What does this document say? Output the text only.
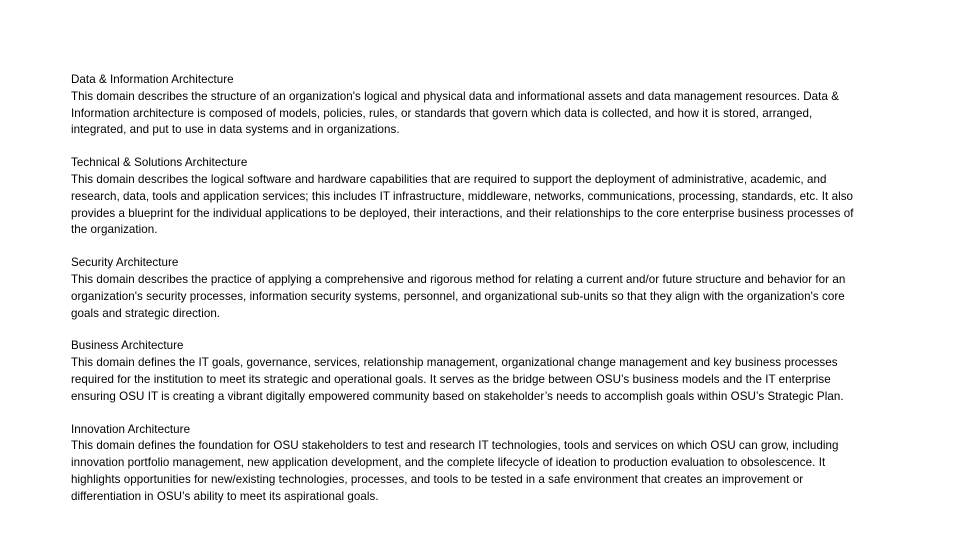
Data & Information Architecture

This domain describes the structure of an organization's logical and physical data and informational assets and data management resources. Data & Information architecture is composed of models, policies, rules, or standards that govern which data is collected, and how it is stored, arranged, integrated, and put to use in data systems and in organizations.

Technical & Solutions Architecture

This domain describes the logical software and hardware capabilities that are required to support the deployment of administrative, academic, and research, data, tools and application services; this includes IT infrastructure, middleware, networks, communications, processing, standards, etc. It also provides a blueprint for the individual applications to be deployed, their interactions, and their relationships to the core enterprise business processes of the organization.

Security Architecture

This domain describes the practice of applying a comprehensive and rigorous method for relating a current and/or future structure and behavior for an organization's security processes, information security systems, personnel, and organizational sub-units so that they align with the organization's core goals and strategic direction.

Business Architecture

This domain defines the IT goals, governance, services, relationship management, organizational change management and key business processes required for the institution to meet its strategic and operational goals. It serves as the bridge between OSU’s business models and the IT enterprise ensuring OSU IT is creating a vibrant digitally empowered community based on stakeholder’s needs to accomplish goals within OSU’s Strategic Plan.

Innovation Architecture

This domain defines the foundation for OSU stakeholders to test and research IT technologies, tools and services on which OSU can grow, including innovation portfolio management, new application development, and the complete lifecycle of ideation to production evaluation to obsolescence. It highlights opportunities for new/existing technologies, processes, and tools to be tested in a safe environment that creates an improvement or differentiation in OSU’s ability to meet its aspirational goals.
